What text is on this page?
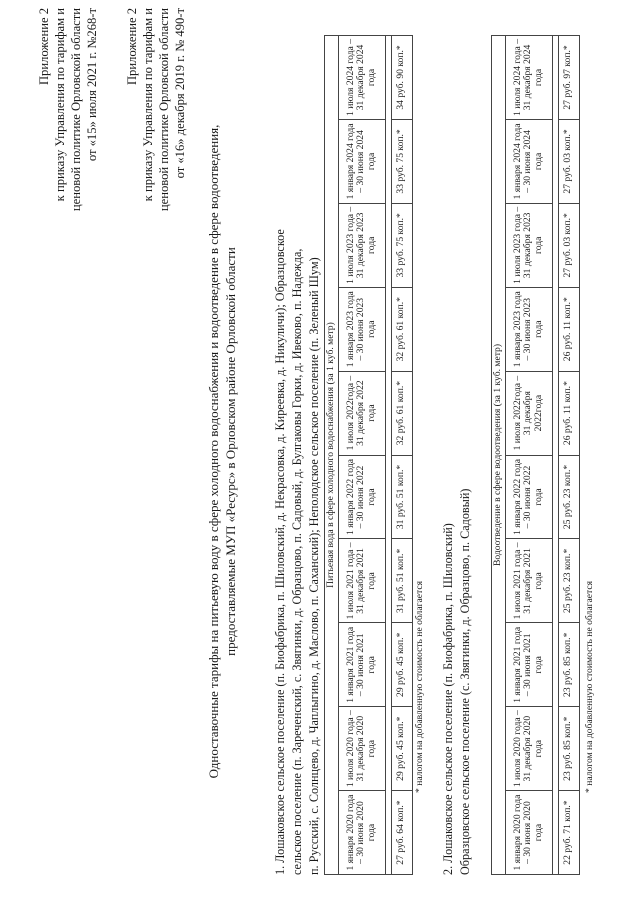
Приложение 2 к приказу Управления по тарифам и ценовой политике Орловской области от «15» июля 2021 г. №268-т Приложение 2 к приказу Управления по тарифам и ценовой политике Орловской области от «16» декабря 2019 г. № 490-т
Одноставочные тарифы на питьевую воду в сфере холодного водоснабжения и водоотведение в сфере водоотведения, предоставляемые МУП «Ресурс» в Орловском районе Орловской области	1. Лошаковское сельское поселение (п. Биофабрика, п. Шиловский, д. Некрасовка, д. Киреевка, д. Никуличи); Образцовское сельское поселение (п. Зареченский, с. Звягинки, д. Образцово, п. Садовый, д. Булгаковы Горки, д. Ивековo, п. Надежда, п. Русский, с. Солнцево, д. Чаплыгино, д. Маслово, п. Саханский); Неполодское сельское поселение (п. Зеленый Шум) Питьевая вода в сфере холодного водоснабжения (за 1 куб. метр)									
1 января 2020 года – 30 июня 2020 года	1 июля 2020 года – 31 декабря 2020 года	1 января 2021 года – 30 июня 2021 года	1 июля 2021 года – 31 декабря 2021 года	1 января 2022 года – 30 июня 2022 года	1 июля 2022года – 31 декабря 2022 года	1 января 2023 года – 30 июня 2023 года	1 июля 2023 года – 31 декабря 2023 года	1 января 2024 года – 30 июня 2024 года	1 июля 2024 года – 31 декабря 2024 года

27 руб. 64 коп.*	29 руб. 45 коп.*	29 руб. 45 коп.*	31 руб. 51 коп.*	31 руб. 51 коп.*	32 руб. 61 коп.*	32 руб. 61 коп.*	33 руб. 75 коп.*	33 руб. 75 коп.*	34 руб. 90 коп.*
* налогом на добавленную стоимость не облагается 2. Лошаковское сельское поселение (п. Биофабрика, п. Шиловский) Образцовское сельское поселение (с. Звягинки, д. Образцово, п. Садовый)
Водоотведение в сфере водоотведения (за 1 куб. метр)									
1 января 2020 года – 30 июня 2020 года	1 июля 2020 года – 31 декабря 2020 года	1 января 2021 года – 30 июня 2021 года	1 июля 2021 года – 31 декабря 2021 года	1 января 2022 года – 30 июня 2022 года	1 июля 2022года – 31 декабря 2022года	1 января 2023 года – 30 июня 2023 года	1 июля 2023 года – 31 декабря 2023 года	1 января 2024 года – 30 июня 2024 года	1 июля 2024 года – 31 декабря 2024 года

22 руб. 71 коп.*	23 руб. 85 коп.*	23 руб. 85 коп.*	25 руб. 23 коп.*	25 руб. 23 коп.*	26 руб. 11 коп.*	26 руб. 11 коп.*	27 руб. 03 коп.*	27 руб. 03 коп.*	27 руб. 97 коп.*
* налогом на добавленную стоимость не облагается
